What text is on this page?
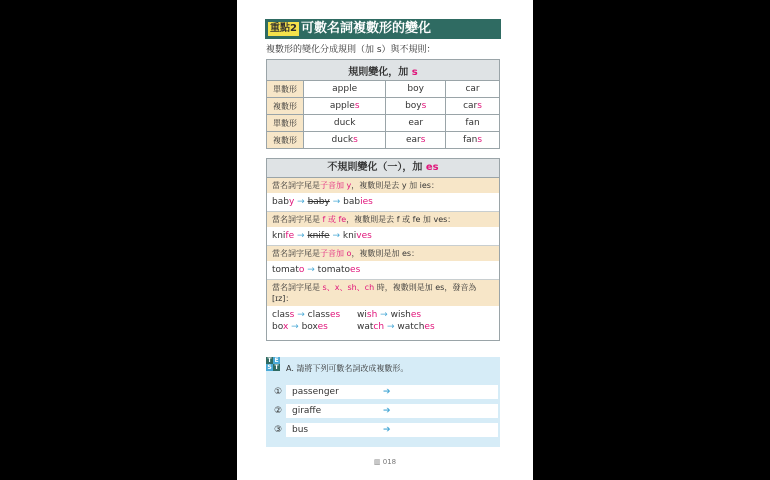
重點2 可數名詞複數形的變化
複數形的變化分成規則（加 s）與不規則：
規則變化，加 s			
單數形	apple	boy	car
複數形	apples	boys	cars
單數形	duck	ear	fan
複數形	ducks	ears	fans
不規則變化（一），加 es
當名詞字尾是子音加 y，複數則是去 y 加 ies：
baby → baby → babies
當名詞字尾是 f 或 fe，複數則是去 f 或 fe 加 ves：
knife → knife → knives
當名詞字尾是子音加 o，複數則是加 es：
tomato → tomatoes
當名詞字尾是 s、x、sh、ch 時，複數則是加 es，發音為
[ɪz]：
class → classes	wish → wishes
box → boxes	watch → watches
T E
S T A. 請將下列可數名詞改成複數形。
①	passenger	➔
②	giraffe	➔
③	bus	➔
▥ 018
